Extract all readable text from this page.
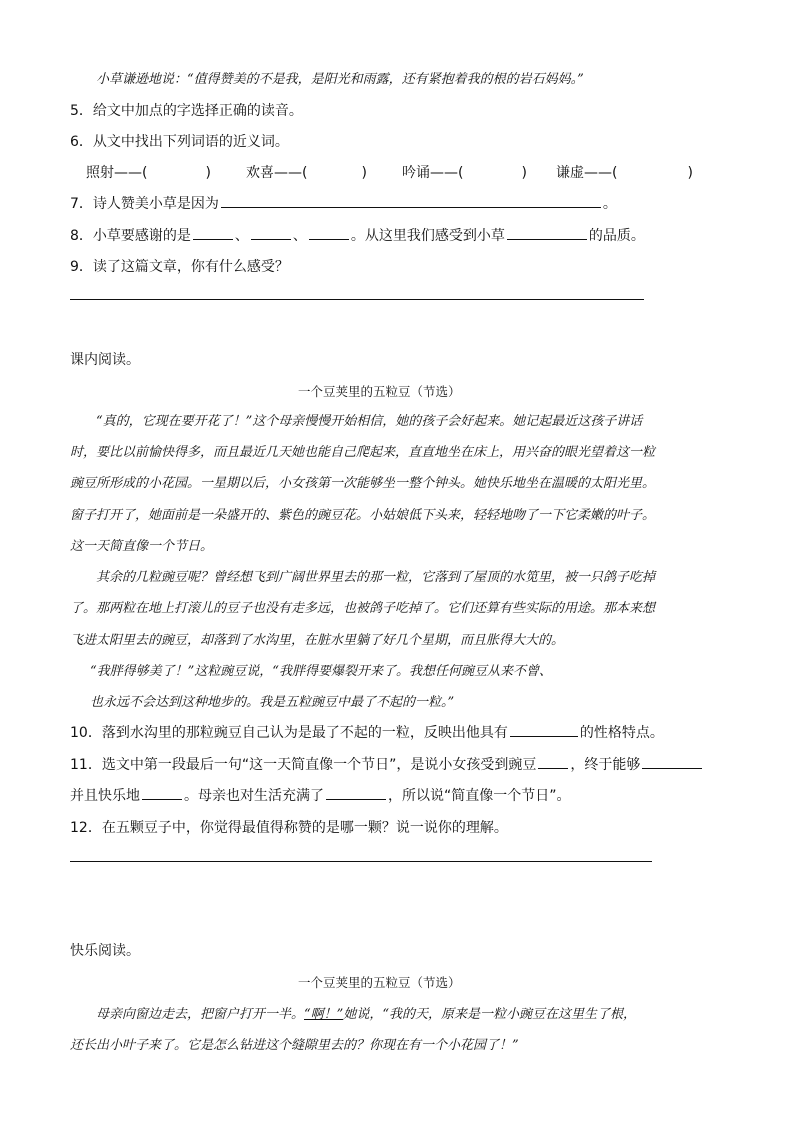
小草谦逊地说：“值得赞美的不是我，是阳光和雨露，还有紧抱着我的根的岩石妈妈。”
5．给文中加点的字选择正确的读音。
6．从文中找出下列词语的近义词。
照射——(	)	欢喜——(	)	吟诵——(	) 谦虚——(	)
7．诗人赞美小草是因为	。
8．小草要感谢的是	、	、	。从这里我们感受到小草	的品质。
9．读了这篇文章，你有什么感受？
课内阅读。
一个豆荚里的五粒豆（节选）
“真的，它现在要开花了！”这个母亲慢慢开始相信，她的孩子会好起来。她记起最近这孩子讲话
时，要比以前愉快得多，而且最近几天她也能自己爬起来，直直地坐在床上，用兴奋的眼光望着这一粒
豌豆所形成的小花园。一星期以后，小女孩第一次能够坐一整个钟头。她快乐地坐在温暖的太阳光里。
窗子打开了，她面前是一朵盛开的、紫色的豌豆花。小姑娘低下头来，轻轻地吻了一下它柔嫩的叶子。
这一天简直像一个节日。
其余的几粒豌豆呢？曾经想飞到广阔世界里去的那一粒，它落到了屋顶的水笕里，被一只鸽子吃掉
了。那两粒在地上打滚儿的豆子也没有走多远，也被鸽子吃掉了。它们还算有些实际的用途。那本来想
飞进太阳里去的豌豆，却落到了水沟里，在脏水里躺了好几个星期，而且胀得大大的。
“我胖得够美了！”这粒豌豆说，“我胖得要爆裂开来了。我想任何豌豆从来不曾、
也永远不会达到这种地步的。我是五粒豌豆中最了不起的一粒。”
10．落到水沟里的那粒豌豆自己认为是最了不起的一粒，反映出他具有	的性格特点。
11．选文中第一段最后一句“这一天简直像一个节日”，是说小女孩受到豌豆 ，终于能够
并且快乐地	。母亲也对生活充满了	，所以说“简直像一个节日”。
12．在五颗豆子中，你觉得最值得称赞的是哪一颗？说一说你的理解。
快乐阅读。
一个豆荚里的五粒豆（节选）
母亲向窗边走去，把窗户打开一半。“啊！”她说，“我的天，原来是一粒小豌豆在这里生了根，
还长出小叶子来了。它是怎么钻进这个缝隙里去的？你现在有一个小花园了！”
